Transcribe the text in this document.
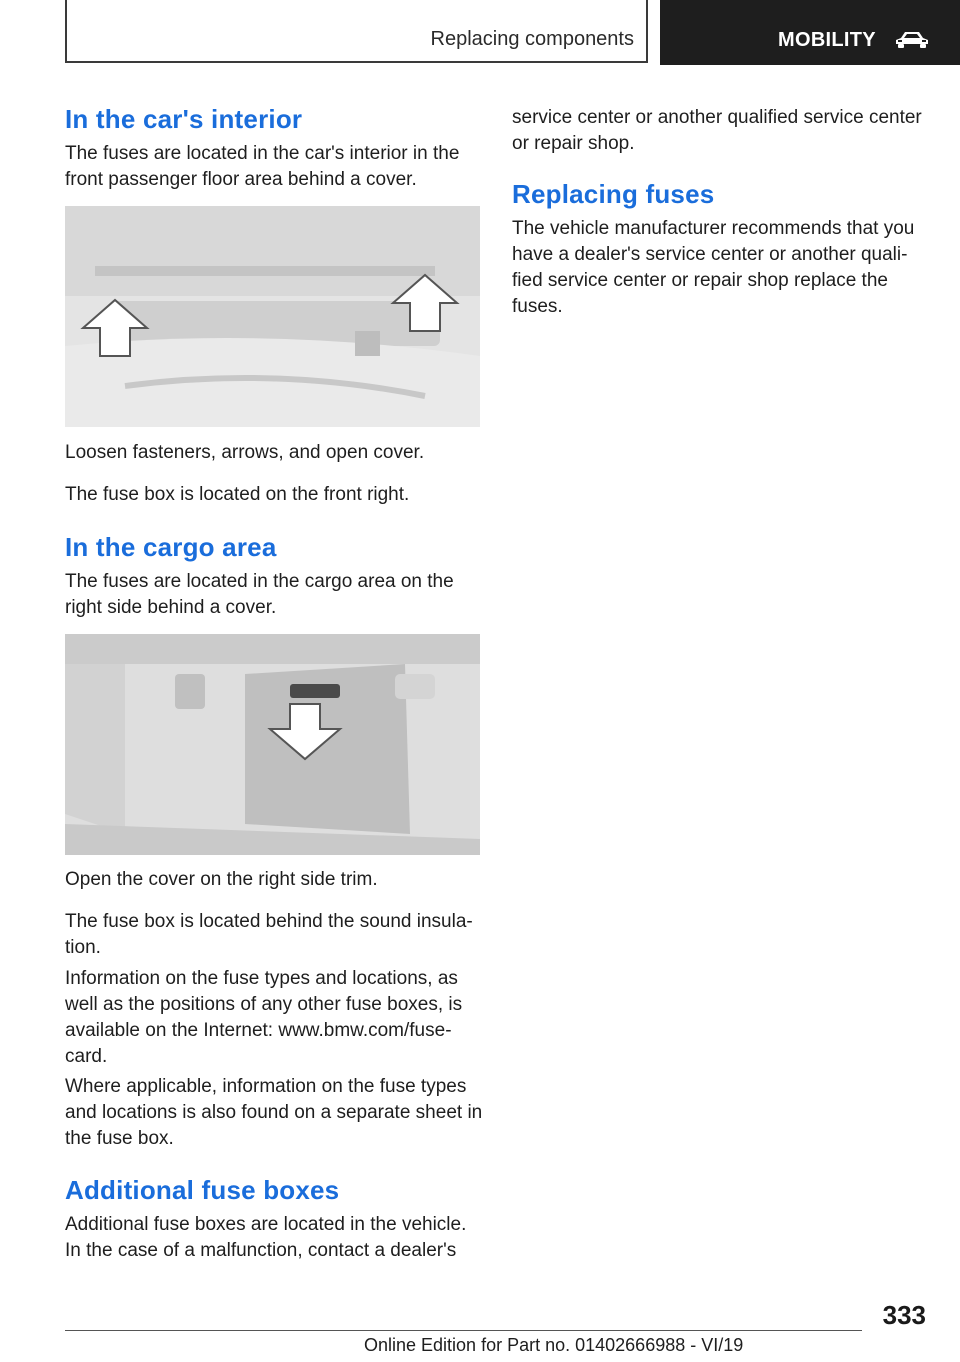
Replacing components	MOBILITY
In the car's interior

The fuses are located in the car's interior in the

front passenger floor area behind a cover.

Loosen fasteners, arrows, and open cover.

The fuse box is located on the front right.

In the cargo area

The fuses are located in the cargo area on the

right side behind a cover.

Open the cover on the right side trim.

The fuse box is located behind the sound insula‐

tion.

Information on the fuse types and locations, as

well as the positions of any other fuse boxes, is

available on the Internet: www.bmw.com/fuse‐

card.

Where applicable, information on the fuse types

and locations is also found on a separate sheet in

the fuse box.

Additional fuse boxes

Additional fuse boxes are located in the vehicle.

In the case of a malfunction, contact a dealer's

service center or another qualified service center

or repair shop.

Replacing fuses

The vehicle manufacturer recommends that you

have a dealer's service center or another quali‐

fied service center or repair shop replace the

fuses.

333
Online Edition for Part no. 01402666988 - VI/19
